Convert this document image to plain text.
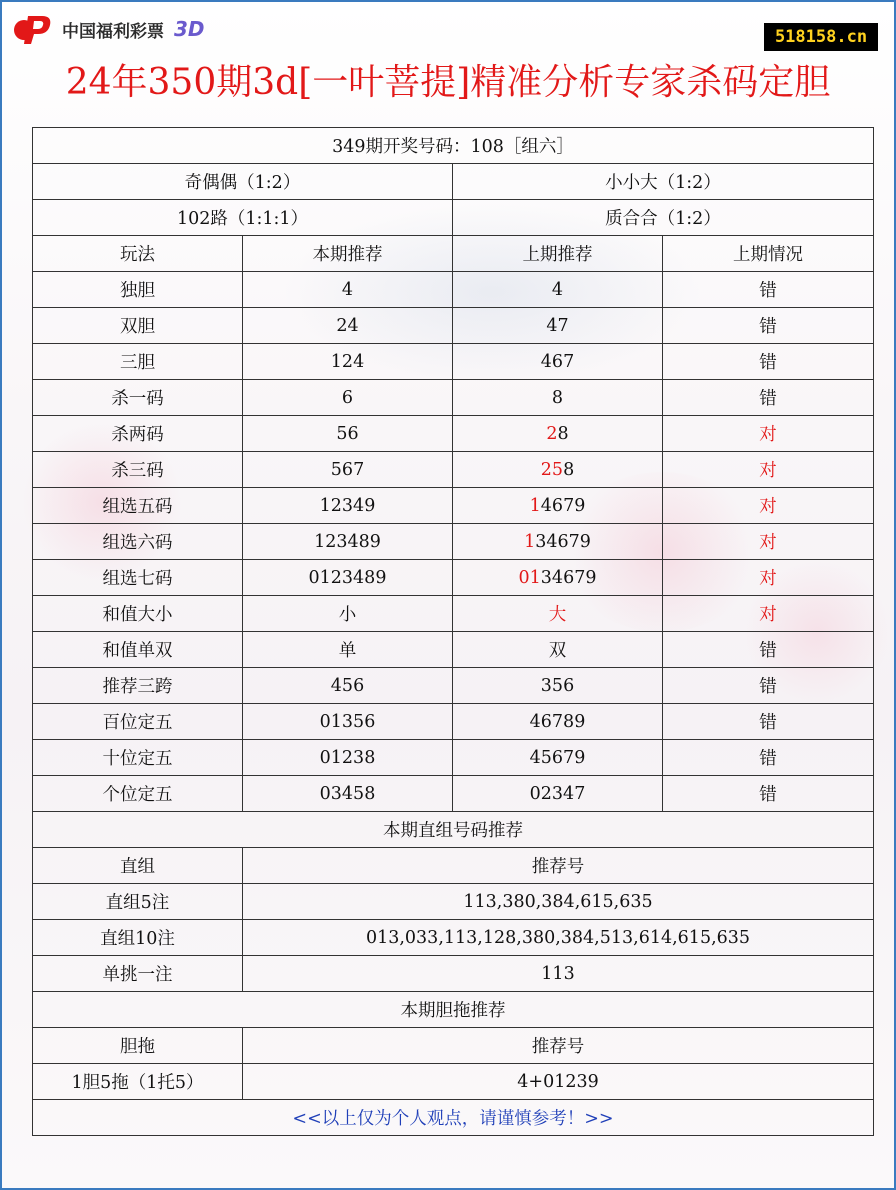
中国福利彩票 3D	518158.cn
24年350期3d[一叶菩提]精准分析专家杀码定胆
349期开奖号码：108［组六］			
奇偶偶（1:2）		小小大（1:2）	
102路（1:1:1）		质合合（1:2）	
玩法	本期推荐	上期推荐	上期情况
独胆	4	4	错
双胆	24	47	错
三胆	124	467	错
杀一码	6	8	错
杀两码	56	28	对
杀三码	567	258	对
组选五码	12349	14679	对
组选六码	123489	134679	对
组选七码	0123489	0134679	对
和值大小	小	大	对
和值单双	单	双	错
推荐三跨	456	356	错
百位定五	01356	46789	错
十位定五	01238	45679	错
个位定五	03458	02347	错
本期直组号码推荐			
直组	推荐号		
直组5注	113,380,384,615,635		
直组10注	013,033,113,128,380,384,513,614,615,635		
单挑一注	113		
本期胆拖推荐			
胆拖	推荐号		
1胆5拖（1托5）	4+01239		
<<以上仅为个人观点，请谨慎参考！>>			
